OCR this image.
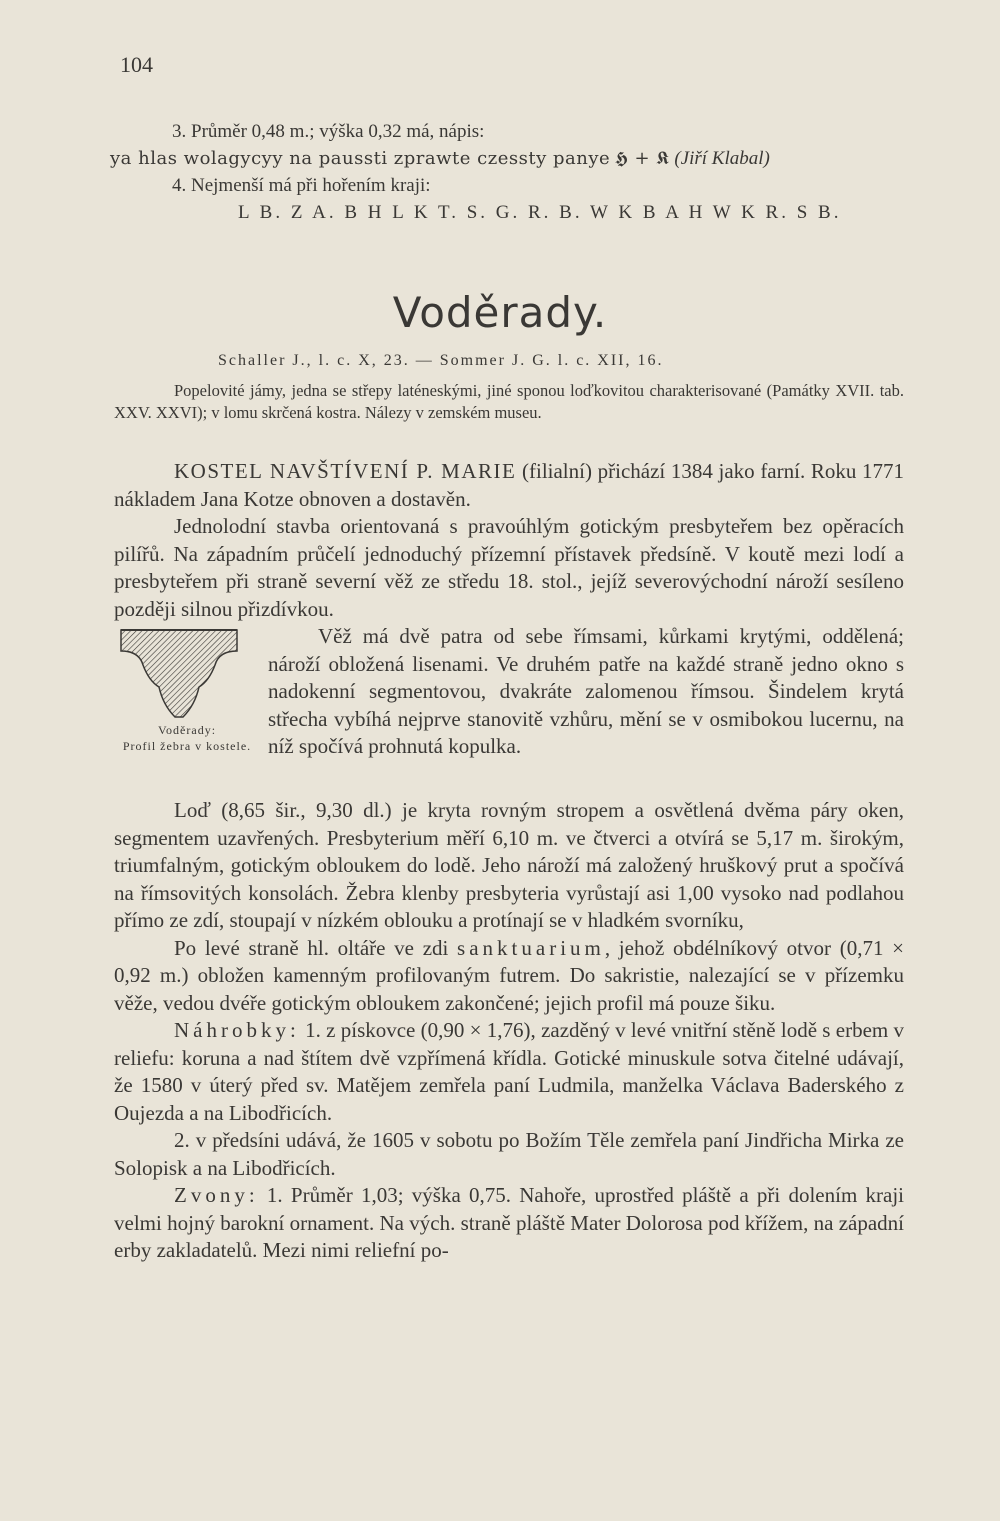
104
3. Průměr 0,48 m.; výška 0,32 má, nápis:
ya hlas wolagycyy na paussti zprawte czessty panye 𝕳 + 𝕶 (Jiří Klabal)
4. Nejmenší má při hořením kraji:
L B. Z A. B H L K T. S. G. R. B. W K B A H W K R. S B.
Voděrady.
Schaller J., l. c. X, 23. — Sommer J. G. l. c. XII, 16.
Popelovité jámy, jedna se střepy laténeskými, jiné sponou loďkovitou charakterisované (Památky XVII. tab. XXV. XXVI); v lomu skrčená kostra. Nálezy v zemském museu.

KOSTEL NAVŠTÍVENÍ P. MARIE (filialní) přichází 1384 jako farní. Roku 1771 nákladem Jana Kotze obnoven a dostavěn.

Jednolodní stavba orientovaná s pravoúhlým gotickým presbyteřem bez opěracích pilířů. Na západním průčelí jednoduchý přízemní přístavek předsíně. V koutě mezi lodí a presbyteřem při straně severní věž ze středu 18. stol., jejíž severovýchodní nároží sesíleno později silnou přizdívkou.

Voděrady:
Profil žebra v kostele.

Věž má dvě patra od sebe římsami, kůrkami krytými, oddělená; nároží obložená lisenami. Ve druhém patře na každé straně jedno okno s nadokenní segmentovou, dvakráte zalomenou římsou. Šindelem krytá střecha vybíhá nejprve stanovitě vzhůru, mění se v osmibokou lucernu, na níž spočívá prohnutá kopulka.

Loď (8,65 šir., 9,30 dl.) je kryta rovným stropem a osvětlená dvěma páry oken, segmentem uzavřených. Presbyterium měří 6,10 m. ve čtverci a otvírá se 5,17 m. širokým, triumfalným, gotickým obloukem do lodě. Jeho nároží má založený hruškový prut a spočívá na římsovitých konsolách. Žebra klenby presbyteria vyrůstají asi 1,00 vysoko nad podlahou přímo ze zdí, stoupají v nízkém oblouku a protínají se v hladkém svorníku,

Po levé straně hl. oltáře ve zdi sanktuarium, jehož obdélníkový otvor (0,71 × 0,92 m.) obložen kamenným profilovaným futrem. Do sakristie, nalezající se v přízemku věže, vedou dvéře gotickým obloukem zakončené; jejich profil má pouze šiku.

Náhrobky: 1. z pískovce (0,90 × 1,76), zazděný v levé vnitřní stěně lodě s erbem v reliefu: koruna a nad štítem dvě vzpřímená křídla. Gotické minuskule sotva čitelné udávají, že 1580 v úterý před sv. Matějem zemřela paní Ludmila, manželka Václava Baderského z Oujezda a na Libodřicích.

2. v předsíni udává, že 1605 v sobotu po Božím Těle zemřela paní Jindřicha Mirka ze Solopisk a na Libodřicích.

Zvony: 1. Průměr 1,03; výška 0,75. Nahoře, uprostřed pláště a při dolením kraji velmi hojný barokní ornament. Na vých. straně pláště Mater Dolorosa pod křížem, na západní erby zakladatelů. Mezi nimi reliefní po-
